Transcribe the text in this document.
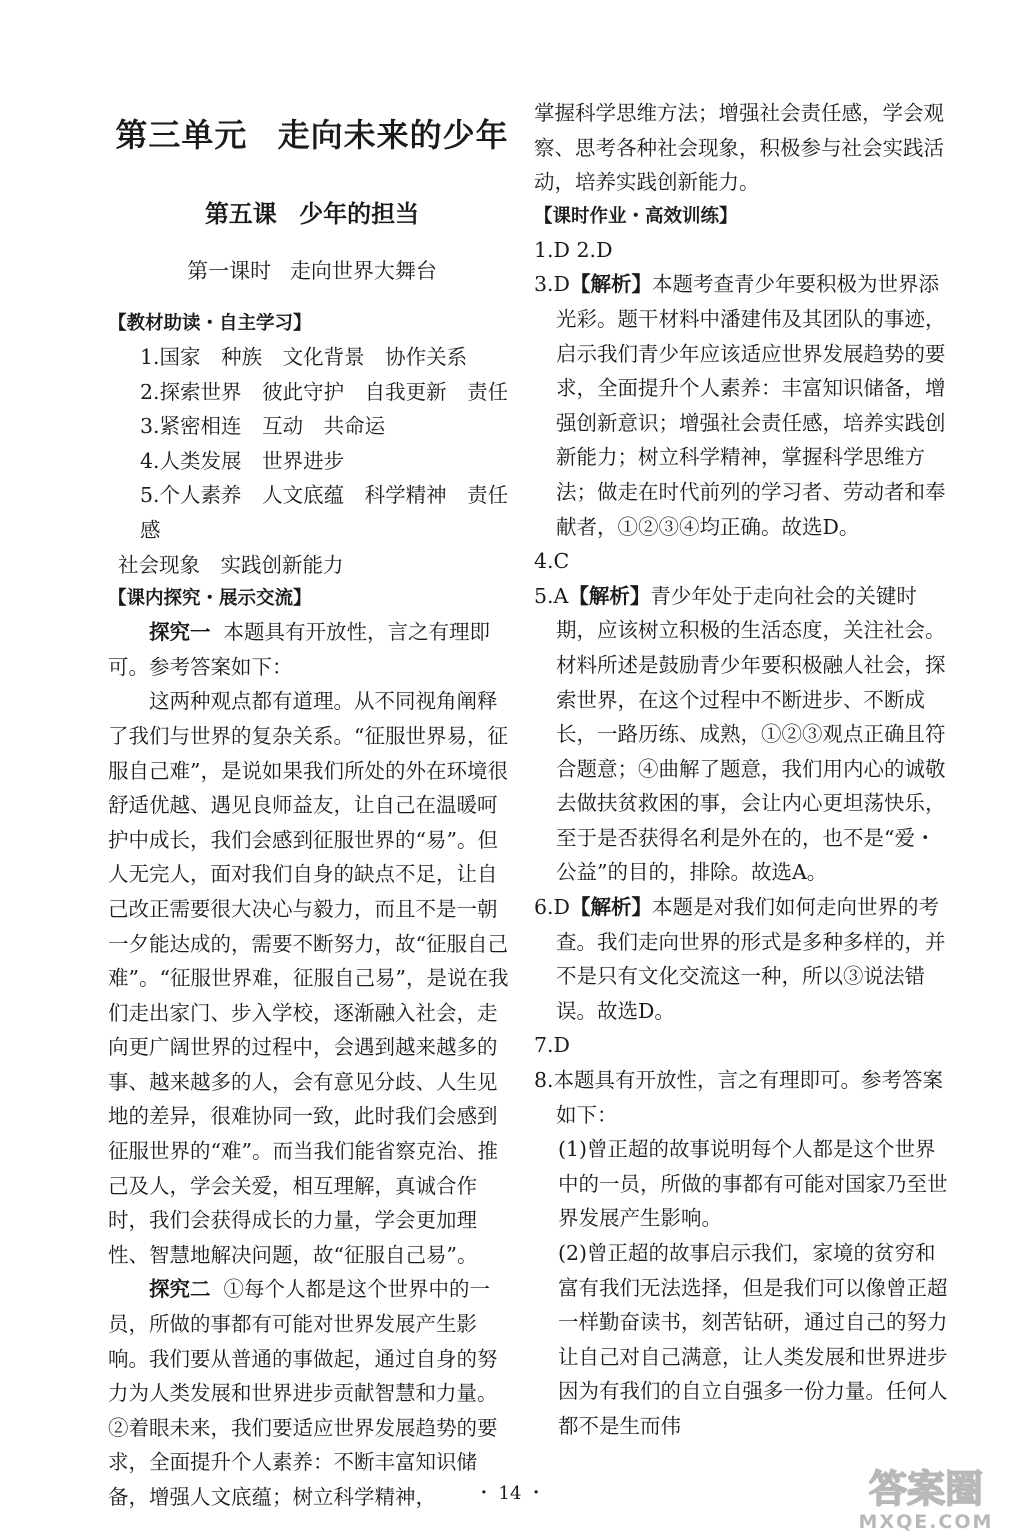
第三单元 走向未来的少年
第五课 少年的担当
第一课时 走向世界大舞台

【教材助读・自主学习】

1.国家 种族 文化背景 协作关系

2.探索世界 彼此守护 自我更新 责任

3.紧密相连 互动 共命运

4.人类发展 世界进步

5.个人素养 人文底蕴 科学精神 责任感

社会现象 实践创新能力

【课内探究・展示交流】

探究一 本题具有开放性，言之有理即可。参考答案如下：

这两种观点都有道理。从不同视角阐释了我们与世界的复杂关系。“征服世界易，征服自己难”，是说如果我们所处的外在环境很舒适优越、遇见良师益友，让自己在温暖呵护中成长，我们会感到征服世界的“易”。但人无完人，面对我们自身的缺点不足，让自己改正需要很大决心与毅力，而且不是一朝一夕能达成的，需要不断努力，故“征服自己难”。“征服世界难，征服自己易”，是说在我们走出家门、步入学校，逐渐融入社会，走向更广阔世界的过程中，会遇到越来越多的事、越来越多的人，会有意见分歧、人生见地的差异，很难协同一致，此时我们会感到征服世界的“难”。而当我们能省察克治、推己及人，学会关爱，相互理解，真诚合作时，我们会获得成长的力量，学会更加理性、智慧地解决问题，故“征服自己易”。

探究二 ①每个人都是这个世界中的一员，所做的事都有可能对世界发展产生影响。我们要从普通的事做起，通过自身的努力为人类发展和世界进步贡献智慧和力量。②着眼未来，我们要适应世界发展趋势的要求，全面提升个人素养：不断丰富知识储备，增强人文底蕴；树立科学精神，

掌握科学思维方法；增强社会责任感，学会观察、思考各种社会现象，积极参与社会实践活动，培养实践创新能力。

【课时作业・高效训练】

1.D 2.D

3.D【解析】本题考查青少年要积极为世界添光彩。题干材料中潘建伟及其团队的事迹，启示我们青少年应该适应世界发展趋势的要求，全面提升个人素养：丰富知识储备，增强创新意识；增强社会责任感，培养实践创新能力；树立科学精神，掌握科学思维方法；做走在时代前列的学习者、劳动者和奉献者，①②③④均正确。故选D。

4.C

5.A【解析】青少年处于走向社会的关键时期，应该树立积极的生活态度，关注社会。材料所述是鼓励青少年要积极融人社会，探索世界，在这个过程中不断进步、不断成长，一路历练、成熟，①②③观点正确且符合题意；④曲解了题意，我们用内心的诚敬去做扶贫救困的事，会让内心更坦荡快乐，至于是否获得名利是外在的，也不是“爱・公益”的目的，排除。故选A。

6.D【解析】本题是对我们如何走向世界的考查。我们走向世界的形式是多种多样的，并不是只有文化交流这一种，所以③说法错误。故选D。

7.D

8.本题具有开放性，言之有理即可。参考答案如下：

(1)曾正超的故事说明每个人都是这个世界中的一员，所做的事都有可能对国家乃至世界发展产生影响。

(2)曾正超的故事启示我们，家境的贫穷和富有我们无法选择，但是我们可以像曾正超一样勤奋读书，刻苦钻研，通过自己的努力让自己对自己满意，让人类发展和世界进步因为有我们的自立自强多一份力量。任何人都不是生而伟

・ 14 ・	答案圈
MXQE.COM
